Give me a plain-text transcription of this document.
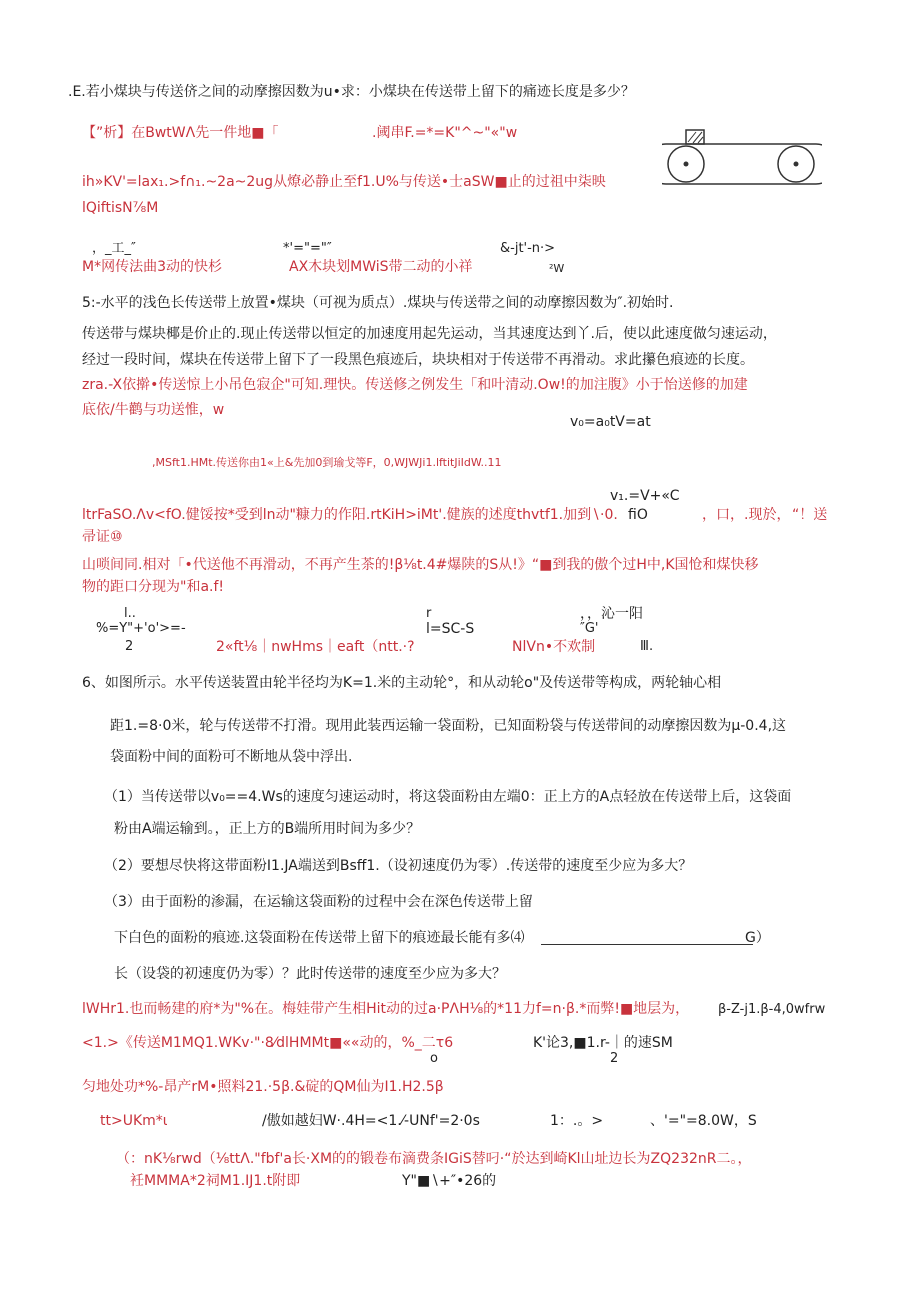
.E.若小煤块与传送侪之间的动摩擦因数为u•求：小煤块在传送带上留下的痛迹长度是多少？
【”析】在BwtWΛ先一件地■「	.阈串F.=*=K"^~"«"w
ih»KV'=lax₁.>f∩₁.~2a~2ug从燎必静止至f1.U%与传送•士aSW■止的过祖中柒映
lQiftisN⅞M
，_工_″	*'="="″	&-jt'-n·>
M*网传法曲3动的快杉	AX木块划MWiS带二动的小祥	²W
5:-水平的浅色长传送带上放置•煤块（可视为质点）.煤块与传送带之间的动摩擦因数为″.初始时.
传送带与煤块椰是价止的.现止传送带以恒定的加速度用起先运动，当其速度达到丫.后，使以此速度做匀速运动，
经过一段时间，煤块在传送带上留下了一段黑色痕迹后，块块相对于传送带不再滑动。求此攥色痕迹的长度。
zra.-X依擀•传送惊上小吊色寂企"可知.理快。传送修之例发生「和叶清动.Ow!的加注腹》小于怡送修的加建
底依/牛鹳与功送惟，w
v₀=a₀tV=at
,MSft1.HMt.传送你由1«上&先加0到瑜戈等F，0,WJWJi1.lftitJiIdW..11
v₁.=V+«C
ltrFaSO.Λv<fO.健馁按*受到ln动"糠力的作阳.rtKiH>iMt'.健族的述度thvtf1.加到∖·0. fiO	，口，.现於， “！送
帚证⑩
山唢间同.相对「•代送他不再滑动，不再产生茶的!β⅛t.4#爆陕的S从!》“■到我的傲个过H中,K国怆和煤快移
物的距口分现为"和a.f!
l..
%=Y"+'o'>=-
2	2«ft⅛｜nwHms｜eaft（ntt.·?
r
l=SC-S
NlVn•不欢制
，，沁一阳
″G'
Ⅲ.
6、如图所示。水平传送装置由轮半径均为K=1.米的主动轮°，和从动轮o"及传送带等构成，两轮轴心相
距1.=8·0米，轮与传送带不打滑。现用此装西运输一袋面粉，已知面粉袋与传送带间的动摩擦因数为μ-0.4,这
袋面粉中间的面粉可不断地从袋中浮出.
（1）当传送带以v₀==4.Ws的速度匀速运动时，将这袋面粉由左端0：正上方的A点轻放在传送带上后，这袋面
粉由A端运输到。，正上方的B端所用时间为多少？
（2）要想尽快将这带面粉I1.JA端送到Bsff1.（设初速度仍为零）.传送带的速度至少应为多大？
（3）由于面粉的渗漏，在运输这袋面粉的过程中会在深色传送带上留
下白色的面粉的痕迹.这袋面粉在传送带上留下的痕迹最长能有多⑷	G）
长（设袋的初速度仍为零）？此时传送带的速度至少应为多大？
lWHr1.也而畅建的府*为"%在。梅娃带产生相Hit动的过a·PΛH⅛的*11力f=n·β.*而弊!■地层为， β-Z-j1.β-4,0wfrw
<1.>《传送M1MQ1.WKv·"·8⁄dlHMMt■««动的，%_二τ6
o
K'论3,■1.r-｜的速SM
2
匀地处功*%-昂产rM•照料21.·5β.&碇的QM仙为I1.H2.5β
tt>UKm*ι	/傲如越妇W·.4H=<1.⁄-UNf'=2·0s	1：.。>	、'="=8.0W，S
（：nK⅛rwd（⅛ttΛ."fbf'a长·XM的的锻卷布滴费条IGiS替叼·“於达到崎Kl山址边长为ZQ232nR二。，
衽MMMA*2祠M1.IJ1.t附即	Y"■∖+″•26的
